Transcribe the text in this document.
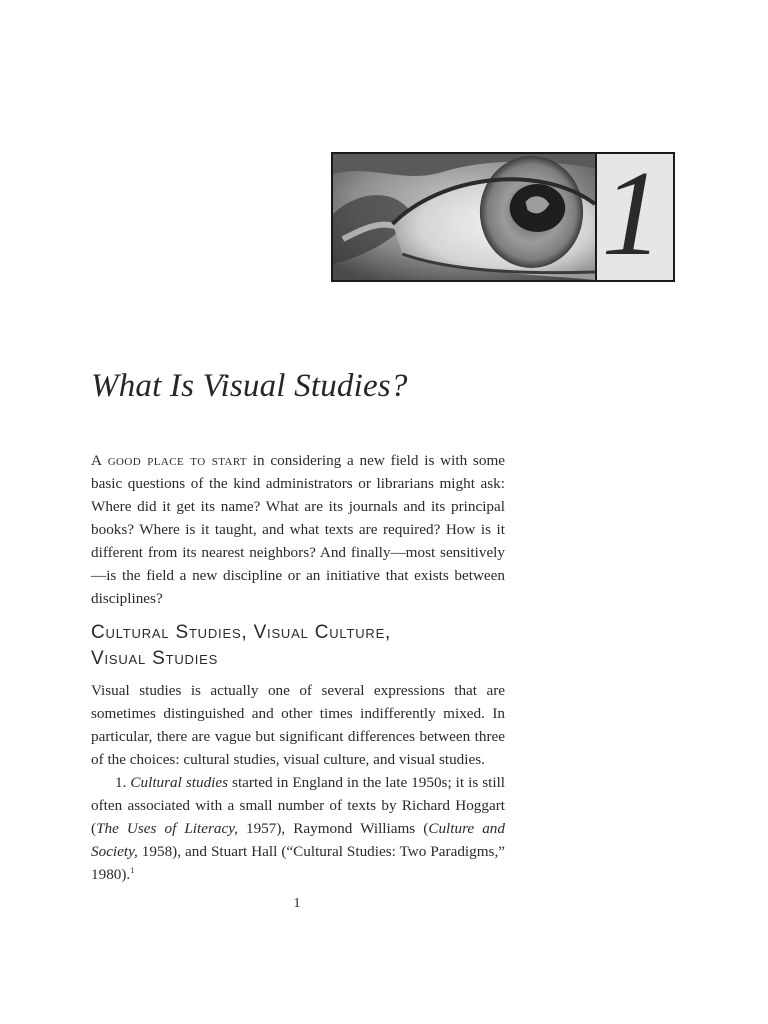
1
What Is Visual Studies?

A good place to start in considering a new field is with some basic questions of the kind administrators or librarians might ask: Where did it get its name? What are its journals and its principal books? Where is it taught, and what texts are required? How is it different from its nearest neighbors? And finally—most sensitively—is the field a new discipline or an initiative that exists between disciplines?

Cultural Studies, Visual Culture,
Visual Studies

Visual studies is actually one of several expressions that are sometimes distinguished and other times indifferently mixed. In particular, there are vague but significant differences between three of the choices: cultural studies, visual culture, and visual studies.

1. Cultural studies started in England in the late 1950s; it is still often associated with a small number of texts by Richard Hoggart (The Uses of Literacy, 1957), Raymond Williams (Culture and Society, 1958), and Stuart Hall (“Cultural Studies: Two Paradigms,” 1980).$^1$

1
